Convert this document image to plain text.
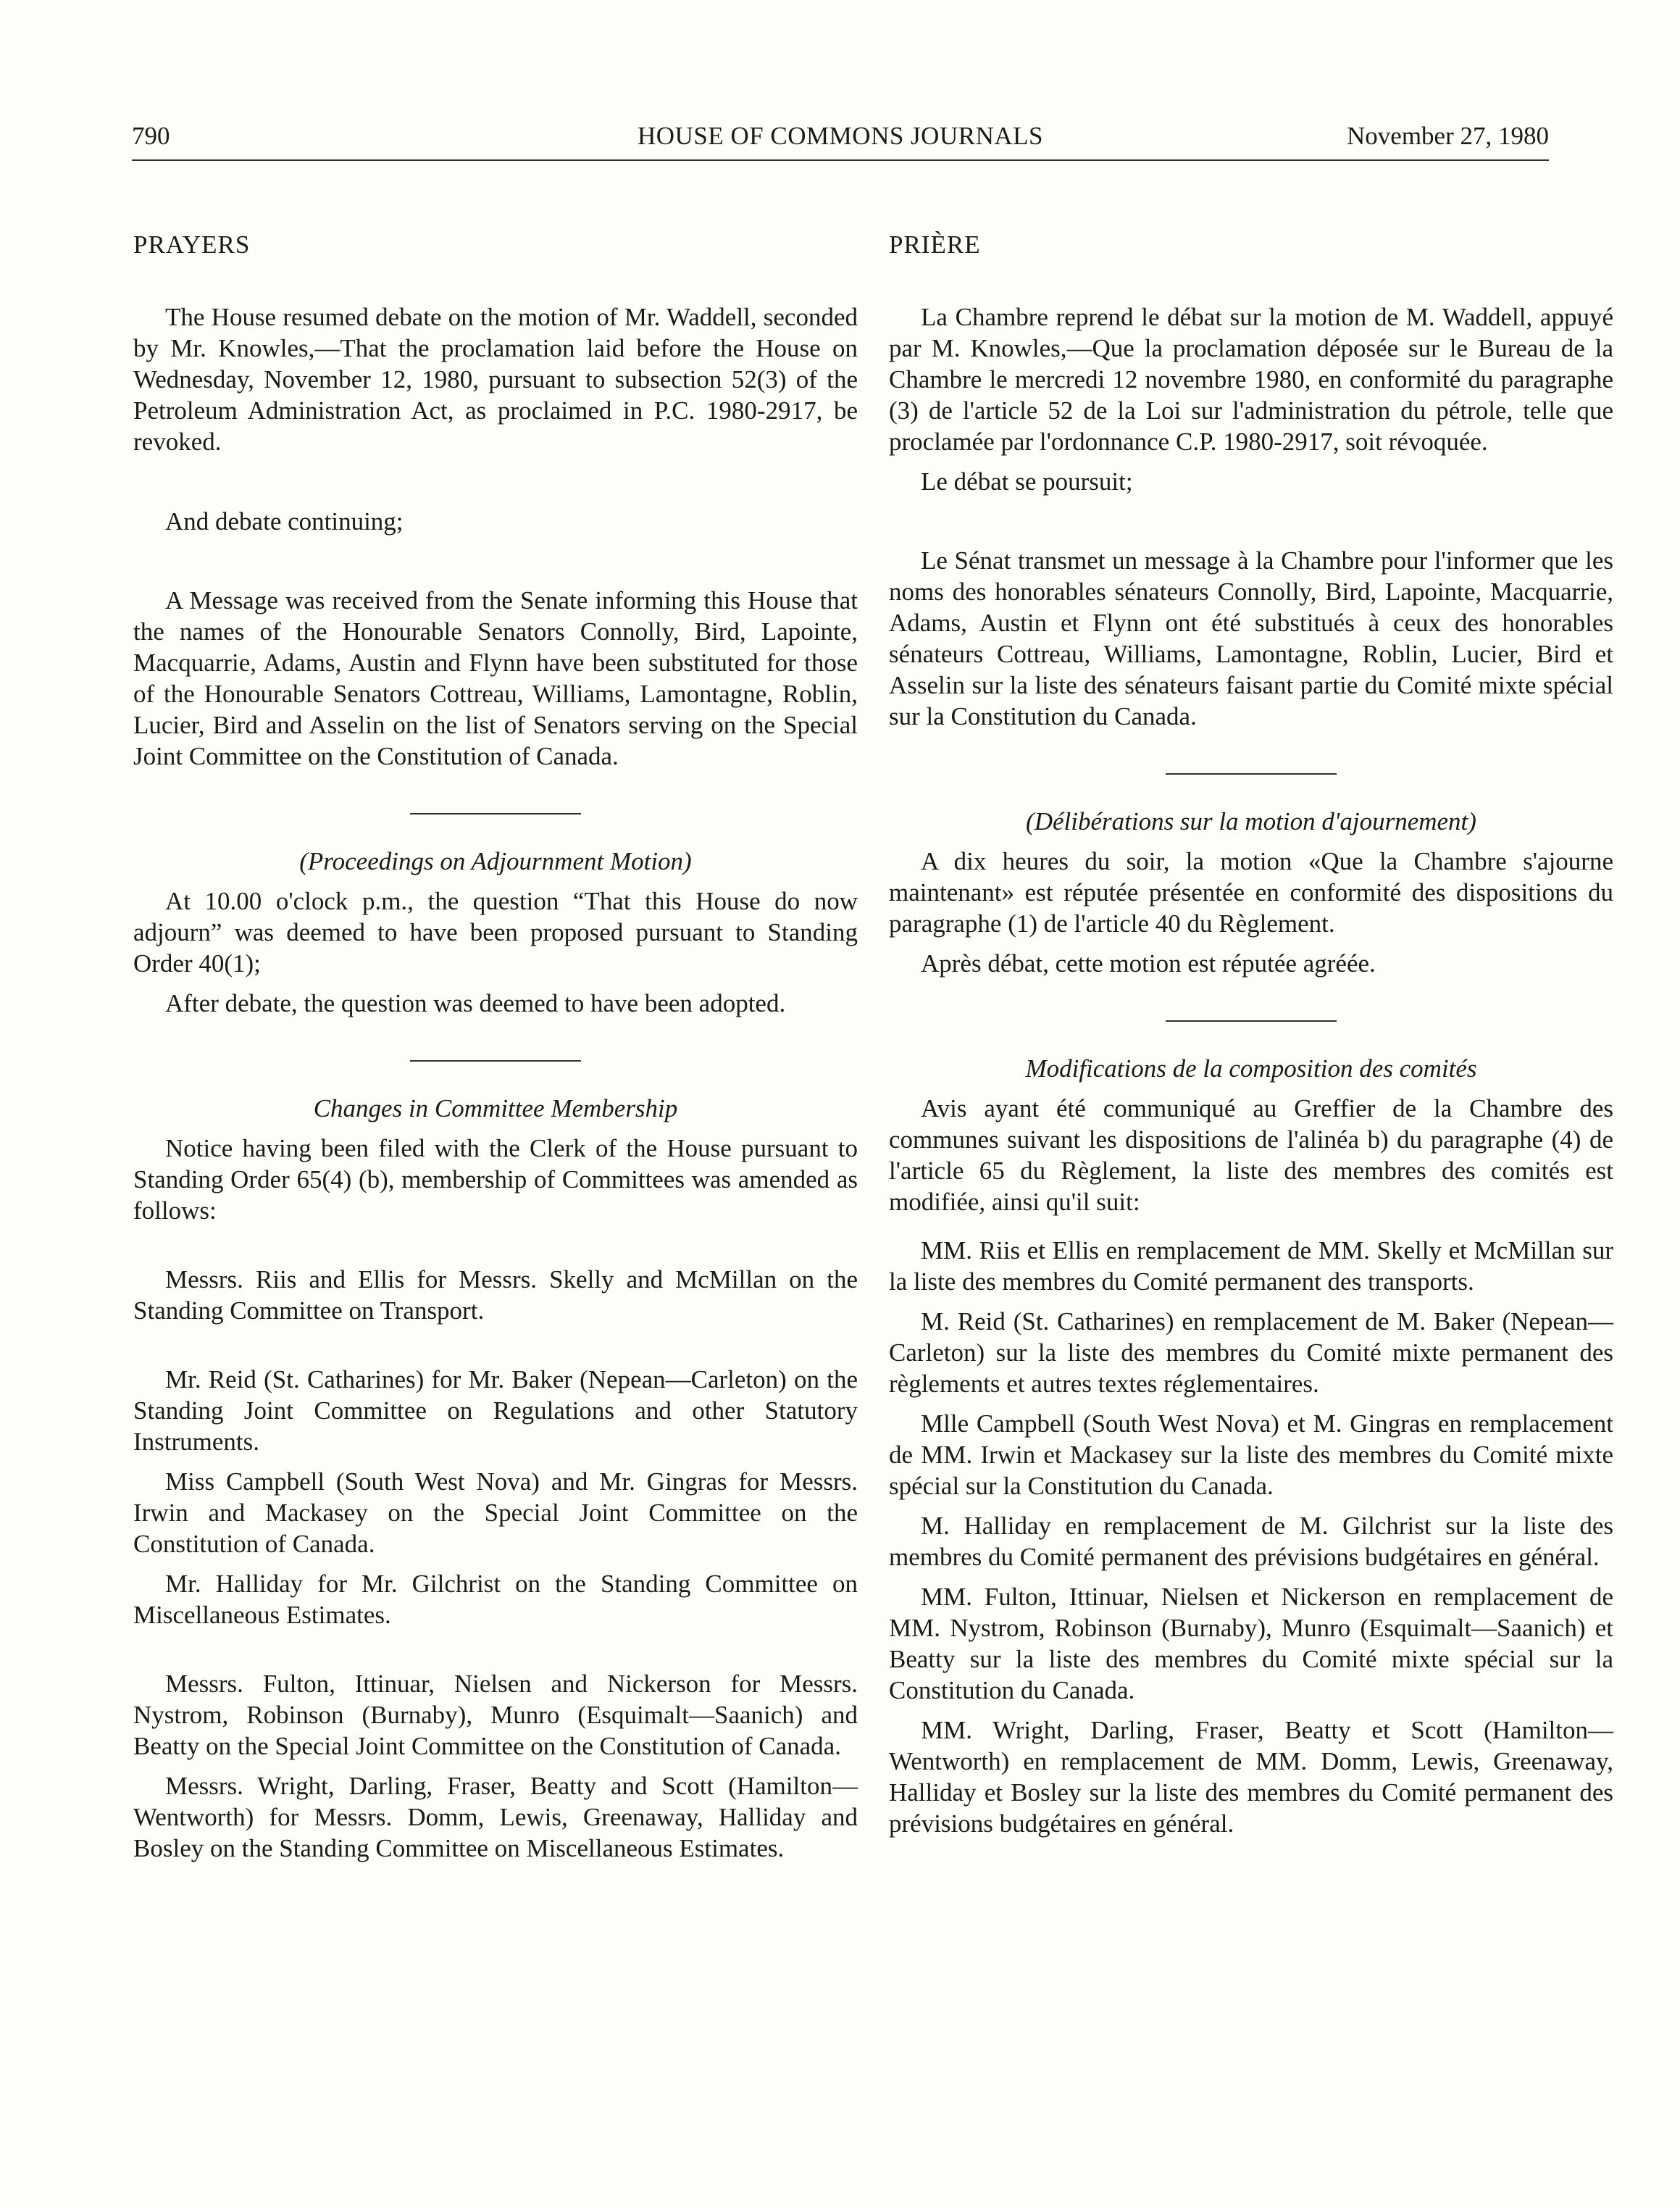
790	HOUSE OF COMMONS JOURNALS	November 27, 1980

PRAYERS

The House resumed debate on the motion of Mr. Waddell, seconded by Mr. Knowles,—That the proclamation laid before the House on Wednesday, November 12, 1980, pursuant to subsection 52(3) of the Petroleum Administration Act, as proclaimed in P.C. 1980-2917, be revoked.

And debate continuing;

A Message was received from the Senate informing this House that the names of the Honourable Senators Connolly, Bird, Lapointe, Macquarrie, Adams, Austin and Flynn have been substituted for those of the Honourable Senators Cottreau, Williams, Lamontagne, Roblin, Lucier, Bird and Asselin on the list of Senators serving on the Special Joint Committee on the Constitution of Canada.

(Proceedings on Adjournment Motion)

At 10.00 o'clock p.m., the question “That this House do now adjourn” was deemed to have been proposed pursuant to Standing Order 40(1);

After debate, the question was deemed to have been adopted.

Changes in Committee Membership

Notice having been filed with the Clerk of the House pursuant to Standing Order 65(4) (b), membership of Committees was amended as follows:

Messrs. Riis and Ellis for Messrs. Skelly and McMillan on the Standing Committee on Transport.

Mr. Reid (St. Catharines) for Mr. Baker (Nepean—Carleton) on the Standing Joint Committee on Regulations and other Statutory Instruments.

Miss Campbell (South West Nova) and Mr. Gingras for Messrs. Irwin and Mackasey on the Special Joint Committee on the Constitution of Canada.

Mr. Halliday for Mr. Gilchrist on the Standing Committee on Miscellaneous Estimates.

Messrs. Fulton, Ittinuar, Nielsen and Nickerson for Messrs. Nystrom, Robinson (Burnaby), Munro (Esquimalt—Saanich) and Beatty on the Special Joint Committee on the Constitution of Canada.

Messrs. Wright, Darling, Fraser, Beatty and Scott (Hamilton—Wentworth) for Messrs. Domm, Lewis, Greenaway, Halliday and Bosley on the Standing Committee on Miscellaneous Estimates.

PRIÈRE

La Chambre reprend le débat sur la motion de M. Waddell, appuyé par M. Knowles,—Que la proclamation déposée sur le Bureau de la Chambre le mercredi 12 novembre 1980, en conformité du paragraphe (3) de l'article 52 de la Loi sur l'administration du pétrole, telle que proclamée par l'ordonnance C.P. 1980-2917, soit révoquée.

Le débat se poursuit;

Le Sénat transmet un message à la Chambre pour l'informer que les noms des honorables sénateurs Connolly, Bird, Lapointe, Macquarrie, Adams, Austin et Flynn ont été substitués à ceux des honorables sénateurs Cottreau, Williams, Lamontagne, Roblin, Lucier, Bird et Asselin sur la liste des sénateurs faisant partie du Comité mixte spécial sur la Constitution du Canada.

(Délibérations sur la motion d'ajournement)

A dix heures du soir, la motion «Que la Chambre s'ajourne maintenant» est réputée présentée en conformité des dispositions du paragraphe (1) de l'article 40 du Règlement.

Après débat, cette motion est réputée agréée.

Modifications de la composition des comités

Avis ayant été communiqué au Greffier de la Chambre des communes suivant les dispositions de l'alinéa b) du paragraphe (4) de l'article 65 du Règlement, la liste des membres des comités est modifiée, ainsi qu'il suit:

MM. Riis et Ellis en remplacement de MM. Skelly et McMillan sur la liste des membres du Comité permanent des transports.

M. Reid (St. Catharines) en remplacement de M. Baker (Nepean—Carleton) sur la liste des membres du Comité mixte permanent des règlements et autres textes réglementaires.

Mlle Campbell (South West Nova) et M. Gingras en remplacement de MM. Irwin et Mackasey sur la liste des membres du Comité mixte spécial sur la Constitution du Canada.

M. Halliday en remplacement de M. Gilchrist sur la liste des membres du Comité permanent des prévisions budgétaires en général.

MM. Fulton, Ittinuar, Nielsen et Nickerson en remplacement de MM. Nystrom, Robinson (Burnaby), Munro (Esquimalt—Saanich) et Beatty sur la liste des membres du Comité mixte spécial sur la Constitution du Canada.

MM. Wright, Darling, Fraser, Beatty et Scott (Hamilton—Wentworth) en remplacement de MM. Domm, Lewis, Greenaway, Halliday et Bosley sur la liste des membres du Comité permanent des prévisions budgétaires en général.
